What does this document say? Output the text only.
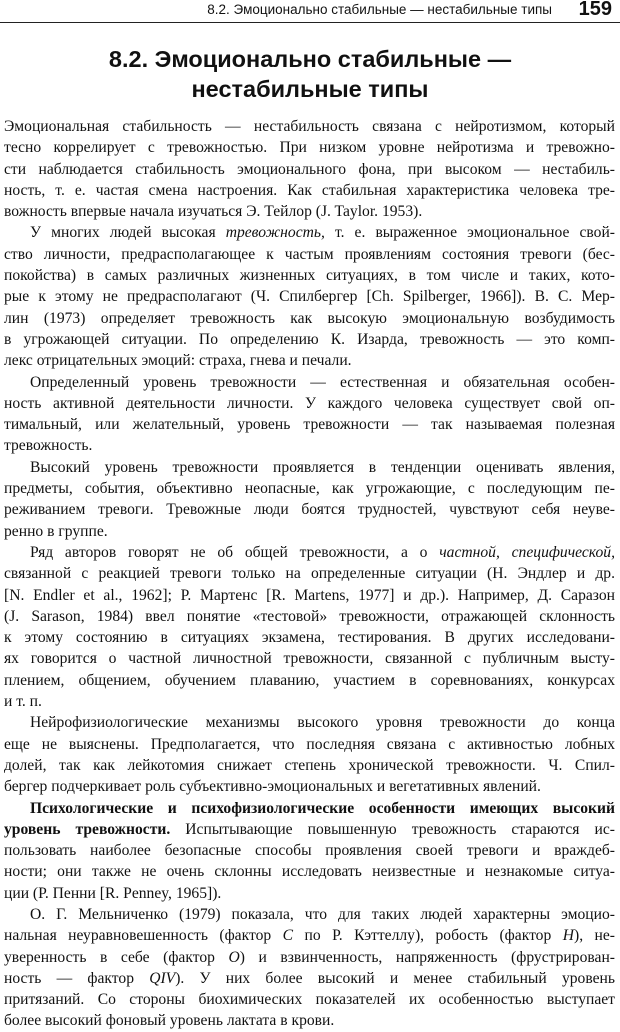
8.2. Эмоционально стабильные — нестабильные типы 159
8.2. Эмоционально стабильные —
нестабильные типы
Эмоциональная стабильность — нестабильность связана с нейротизмом, который
тесно коррелирует с тревожностью. При низком уровне нейротизма и тревожно-
сти наблюдается стабильность эмоционального фона, при высоком — нестабиль-
ность, т. е. частая смена настроения. Как стабильная характеристика человека тре-
вожность впервые начала изучаться Э. Тейлор (J. Taylor. 1953).
У многих людей высокая тревожность, т. е. выраженное эмоциональное свой-
ство личности, предрасполагающее к частым проявлениям состояния тревоги (бес-
покойства) в самых различных жизненных ситуациях, в том числе и таких, кото-
рые к этому не предрасполагают (Ч. Спилбергер [Ch. Spilberger, 1966]). В. С. Мер-
лин (1973) определяет тревожность как высокую эмоциональную возбудимость
в угрожающей ситуации. По определению К. Изарда, тревожность — это комп-
лекс отрицательных эмоций: страха, гнева и печали.
Определенный уровень тревожности — естественная и обязательная особен-
ность активной деятельности личности. У каждого человека существует свой оп-
тимальный, или желательный, уровень тревожности — так называемая полезная
тревожность.
Высокий уровень тревожности проявляется в тенденции оценивать явления,
предметы, события, объективно неопасные, как угрожающие, с последующим пе-
реживанием тревоги. Тревожные люди боятся трудностей, чувствуют себя неуве-
ренно в группе.
Ряд авторов говорят не об общей тревожности, а о частной, специфической,
связанной с реакцией тревоги только на определенные ситуации (Н. Эндлер и др.
[N. Endler et al., 1962]; Р. Мартенс [R. Martens, 1977] и др.). Например, Д. Саразон
(J. Sarason, 1984) ввел понятие «тестовой» тревожности, отражающей склонность
к этому состоянию в ситуациях экзамена, тестирования. В других исследовани-
ях говорится о частной личностной тревожности, связанной с публичным высту-
плением, общением, обучением плаванию, участием в соревнованиях, конкурсах
и т. п.
Нейрофизиологические механизмы высокого уровня тревожности до конца
еще не выяснены. Предполагается, что последняя связана с активностью лобных
долей, так как лейкотомия снижает степень хронической тревожности. Ч. Спил-
бергер подчеркивает роль субъективно-эмоциональных и вегетативных явлений.
Психологические и психофизиологические особенности имеющих высокий
уровень тревожности. Испытывающие повышенную тревожность стараются ис-
пользовать наиболее безопасные способы проявления своей тревоги и враждеб-
ности; они также не очень склонны исследовать неизвестные и незнакомые ситуа-
ции (Р. Пенни [R. Penney, 1965]).
О. Г. Мельниченко (1979) показала, что для таких людей характерны эмоцио-
нальная неуравновешенность (фактор C по Р. Кэттеллу), робость (фактор H), не-
уверенность в себе (фактор O) и взвинченность, напряженность (фрустрирован-
ность — фактор QIV). У них более высокий и менее стабильный уровень
притязаний. Со стороны биохимических показателей их особенностью выступает
более высокий фоновый уровень лактата в крови.
